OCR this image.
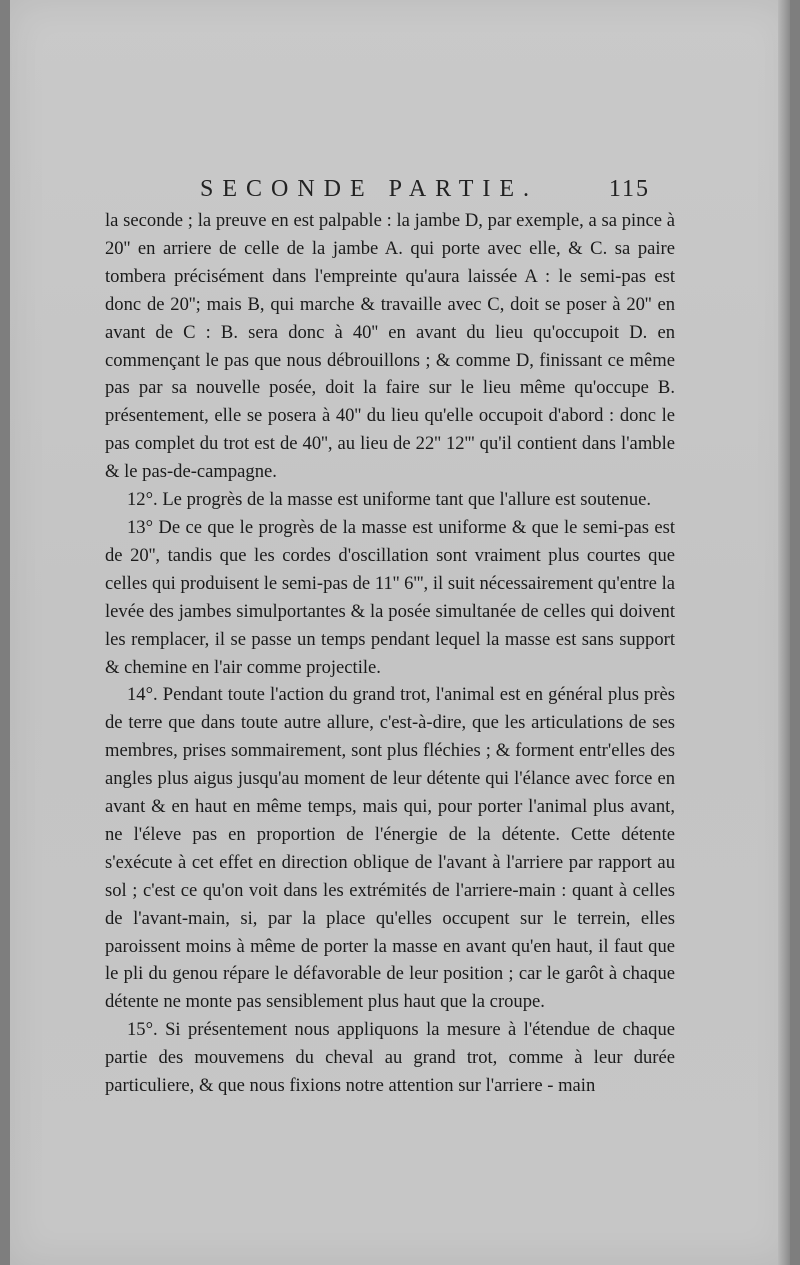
SECONDE PARTIE.	115

la seconde ; la preuve en est palpable : la jambe D, par exemple, a sa pince à 20'' en arriere de celle de la jambe A. qui porte avec elle, & C. sa paire tombera précisément dans l'empreinte qu'aura laissée A : le semi-pas est donc de 20''; mais B, qui marche & travaille avec C, doit se poser à 20'' en avant de C : B. sera donc à 40'' en avant du lieu qu'occupoit D. en commençant le pas que nous débrouillons ; & comme D, finissant ce même pas par sa nouvelle posée, doit la faire sur le lieu même qu'occupe B. présentement, elle se posera à 40'' du lieu qu'elle occupoit d'abord : donc le pas complet du trot est de 40'', au lieu de 22'' 12''' qu'il contient dans l'amble & le pas-de-campagne.

12°. Le progrès de la masse est uniforme tant que l'allure est soutenue.

13° De ce que le progrès de la masse est uniforme & que le semi-pas est de 20'', tandis que les cordes d'oscillation sont vraiment plus courtes que celles qui produisent le semi-pas de 11'' 6''', il suit nécessairement qu'entre la levée des jambes simulportantes & la posée simultanée de celles qui doivent les remplacer, il se passe un temps pendant lequel la masse est sans support & chemine en l'air comme projectile.

14°. Pendant toute l'action du grand trot, l'animal est en général plus près de terre que dans toute autre allure, c'est-à-dire, que les articulations de ses membres, prises sommairement, sont plus fléchies ; & forment entr'elles des angles plus aigus jusqu'au moment de leur détente qui l'élance avec force en avant & en haut en même temps, mais qui, pour porter l'animal plus avant, ne l'éleve pas en proportion de l'énergie de la détente. Cette détente s'exécute à cet effet en direction oblique de l'avant à l'arriere par rapport au sol ; c'est ce qu'on voit dans les extrémités de l'arriere-main : quant à celles de l'avant-main, si, par la place qu'elles occupent sur le terrein, elles paroissent moins à même de porter la masse en avant qu'en haut, il faut que le pli du genou répare le défavorable de leur position ; car le garôt à chaque détente ne monte pas sensiblement plus haut que la croupe.

15°. Si présentement nous appliquons la mesure à l'étendue de chaque partie des mouvemens du cheval au grand trot, comme à leur durée particuliere, & que nous fixions notre attention sur l'arriere - main
